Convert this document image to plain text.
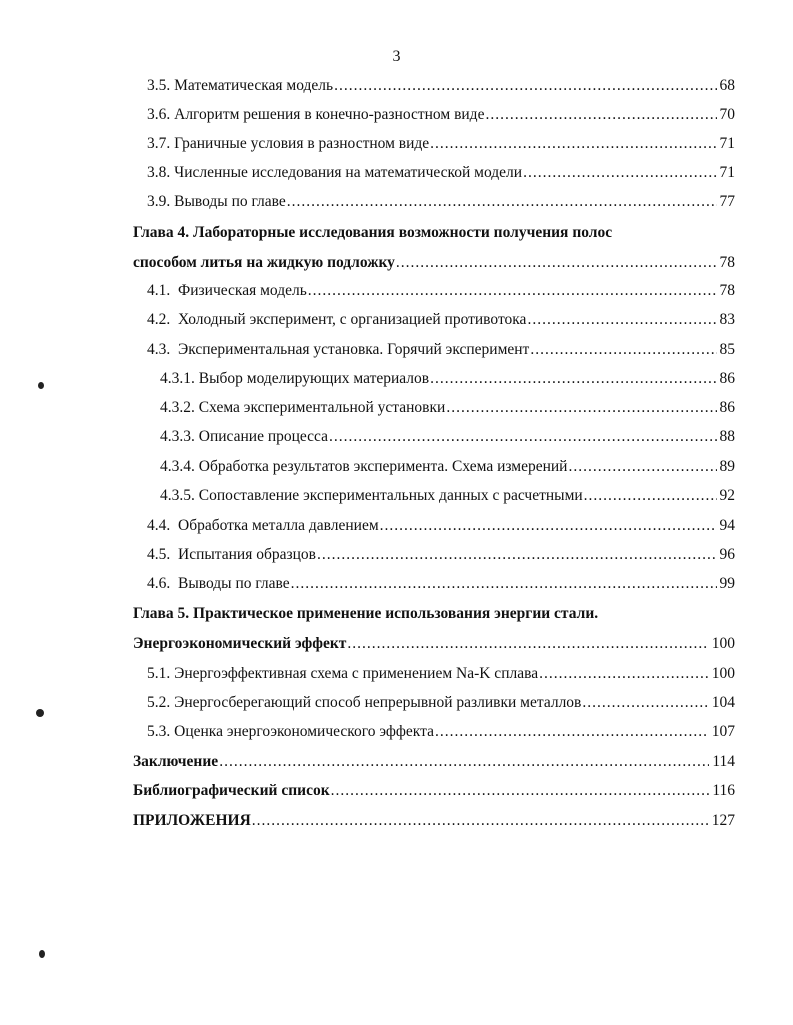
3
3.5. Математическая модель .....	68
3.6. Алгоритм решения в конечно-разностном виде .....	70
3.7. Граничные условия в разностном виде .....	71
3.8. Численные исследования на математической модели .....	71
3.9. Выводы по главе .....	77
Глава 4. Лабораторные исследования возможности получения полос
способом литья на жидкую подложку .....	78
4.1.  Физическая модель .....	78
4.2.  Холодный эксперимент, с организацией противотока .....	83
4.3.  Экспериментальная установка. Горячий эксперимент .....	85
4.3.1. Выбор моделирующих материалов .....	86
4.3.2. Схема экспериментальной установки .....	86
4.3.3. Описание процесса .....	88
4.3.4. Обработка результатов эксперимента. Схема измерений .....	89
4.3.5. Сопоставление экспериментальных данных с расчетными .....	92
4.4.  Обработка металла давлением .....	94
4.5.  Испытания образцов .....	96
4.6.  Выводы по главе .....	99
Глава 5. Практическое применение использования энергии стали.
Энергоэкономический эффект .....	100
5.1. Энергоэффективная схема с применением Na-K сплава .....	100
5.2. Энергосберегающий способ непрерывной разливки металлов .....	104
5.3. Оценка энергоэкономического эффекта .....	107
Заключение .....	114
Библиографический список .....	116
ПРИЛОЖЕНИЯ .....	127
